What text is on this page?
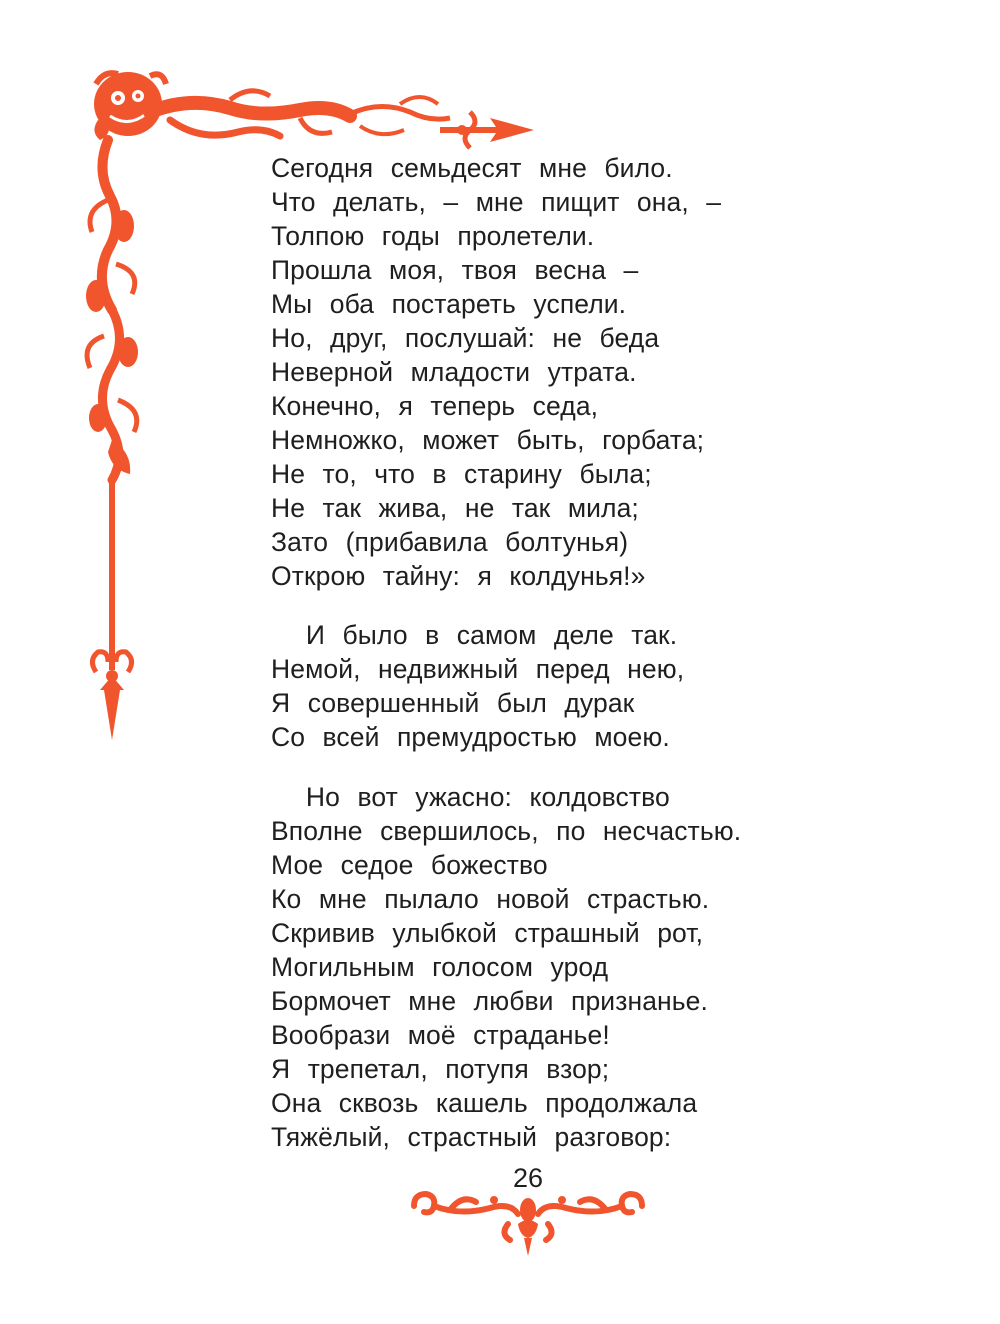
Сегодня семьдесят мне било.
Что делать, – мне пищит она, –
Толпою годы пролетели.
Прошла моя, твоя весна –
Мы оба постареть успели.
Но, друг, послушай: не беда
Неверной младости утрата.
Конечно, я теперь седа,
Немножко, может быть, горбата;
Не то, что в старину была;
Не так жива, не так мила;
Зато (прибавила болтунья)
Открою тайну: я колдунья!»
И было в самом деле так.
Немой, недвижный перед нею,
Я совершенный был дурак
Со всей премудростью моею.
Но вот ужасно: колдовство
Вполне свершилось, по несчастью.
Мое седое божество
Ко мне пылало новой страстью.
Скривив улыбкой страшный рот,
Могильным голосом урод
Бормочет мне любви признанье.
Вообрази моё страданье!
Я трепетал, потупя взор;
Она сквозь кашель продолжала
Тяжёлый, страстный разговор:
26
